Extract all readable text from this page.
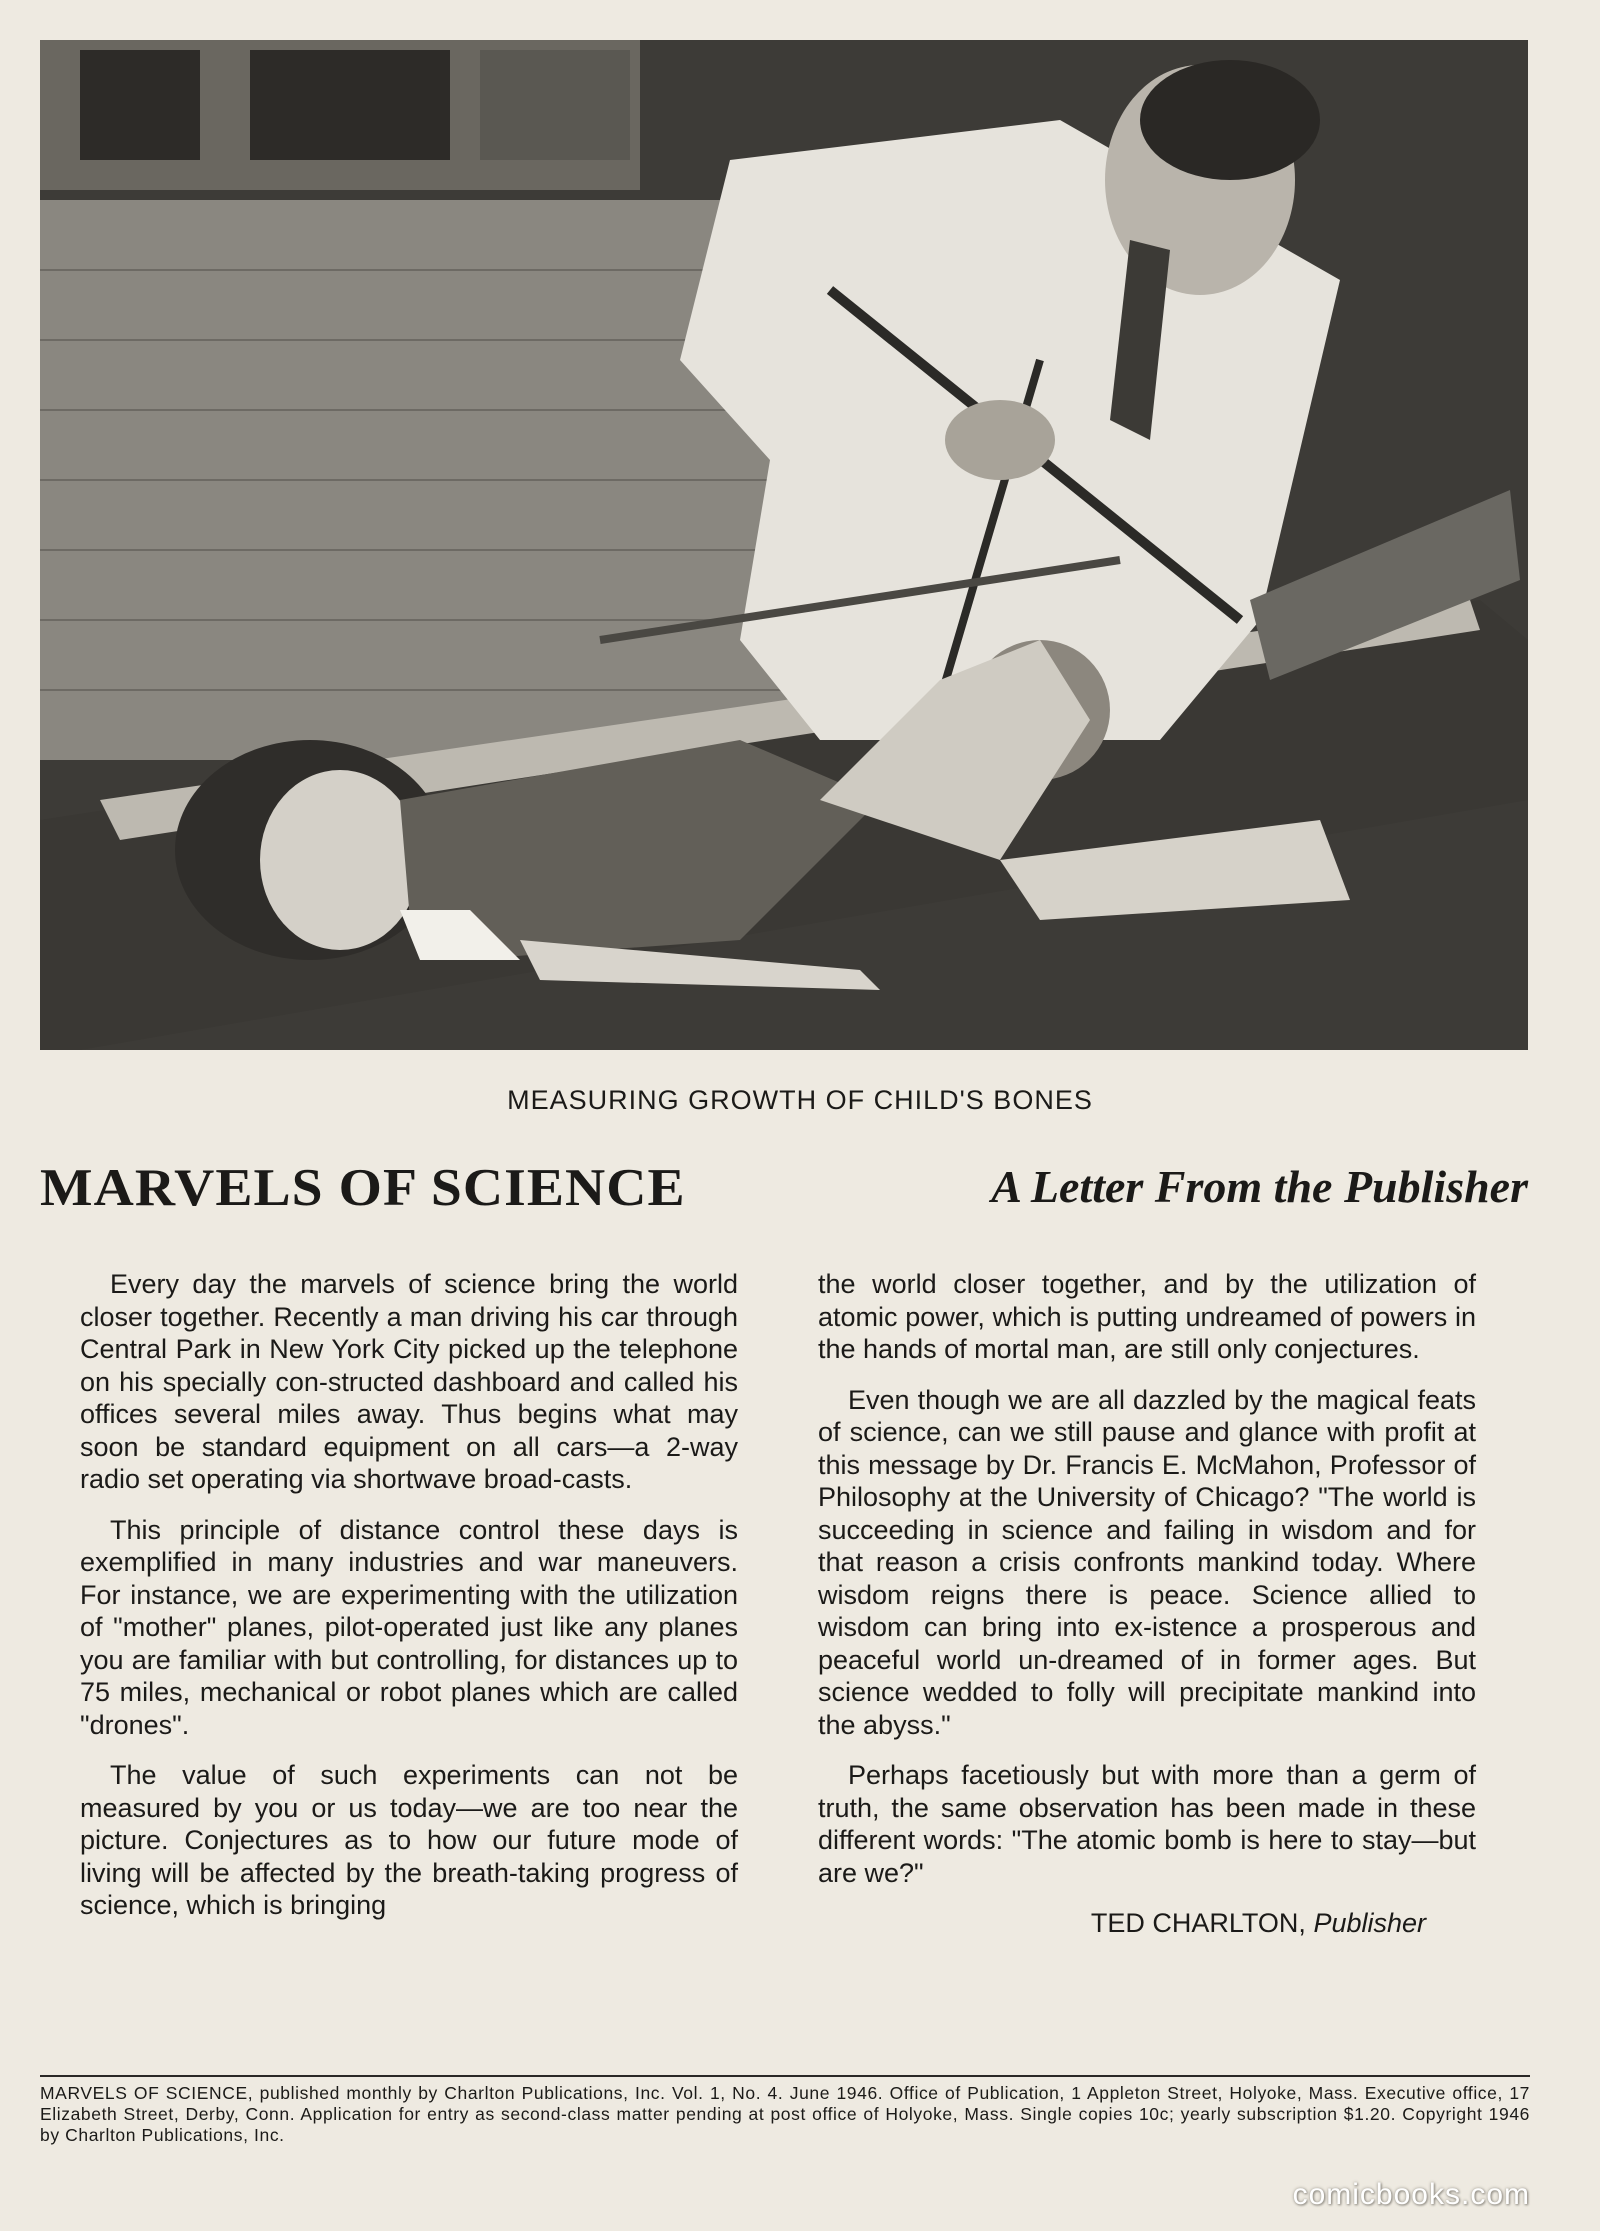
MEASURING GROWTH OF CHILD'S BONES
MARVELS OF SCIENCE	A Letter From the Publisher

Every day the marvels of science bring the world closer together. Recently a man driving his car through Central Park in New York City picked up the telephone on his specially con-structed dashboard and called his offices several miles away. Thus begins what may soon be standard equipment on all cars—a 2-way radio set operating via shortwave broad-casts.

This principle of distance control these days is exemplified in many industries and war maneuvers. For instance, we are experimenting with the utilization of "mother" planes, pilot-operated just like any planes you are familiar with but controlling, for distances up to 75 miles, mechanical or robot planes which are called "drones".

The value of such experiments can not be measured by you or us today—we are too near the picture. Conjectures as to how our future mode of living will be affected by the breath-taking progress of science, which is bringing

the world closer together, and by the utilization of atomic power, which is putting undreamed of powers in the hands of mortal man, are still only conjectures.

Even though we are all dazzled by the magical feats of science, can we still pause and glance with profit at this message by Dr. Francis E. McMahon, Professor of Philosophy at the University of Chicago? "The world is succeeding in science and failing in wisdom and for that reason a crisis confronts mankind today. Where wisdom reigns there is peace. Science allied to wisdom can bring into ex-istence a prosperous and peaceful world un-dreamed of in former ages. But science wedded to folly will precipitate mankind into the abyss."

Perhaps facetiously but with more than a germ of truth, the same observation has been made in these different words: "The atomic bomb is here to stay—but are we?"

TED CHARLTON, Publisher
MARVELS OF SCIENCE, published monthly by Charlton Publications, Inc. Vol. 1, No. 4. June 1946. Office of Publication, 1 Appleton Street, Holyoke, Mass. Executive office, 17 Elizabeth Street, Derby, Conn. Application for entry as second-class matter pending at post office of Holyoke, Mass. Single copies 10c; yearly subscription $1.20. Copyright 1946 by Charlton Publications, Inc.
comicbooks.com
